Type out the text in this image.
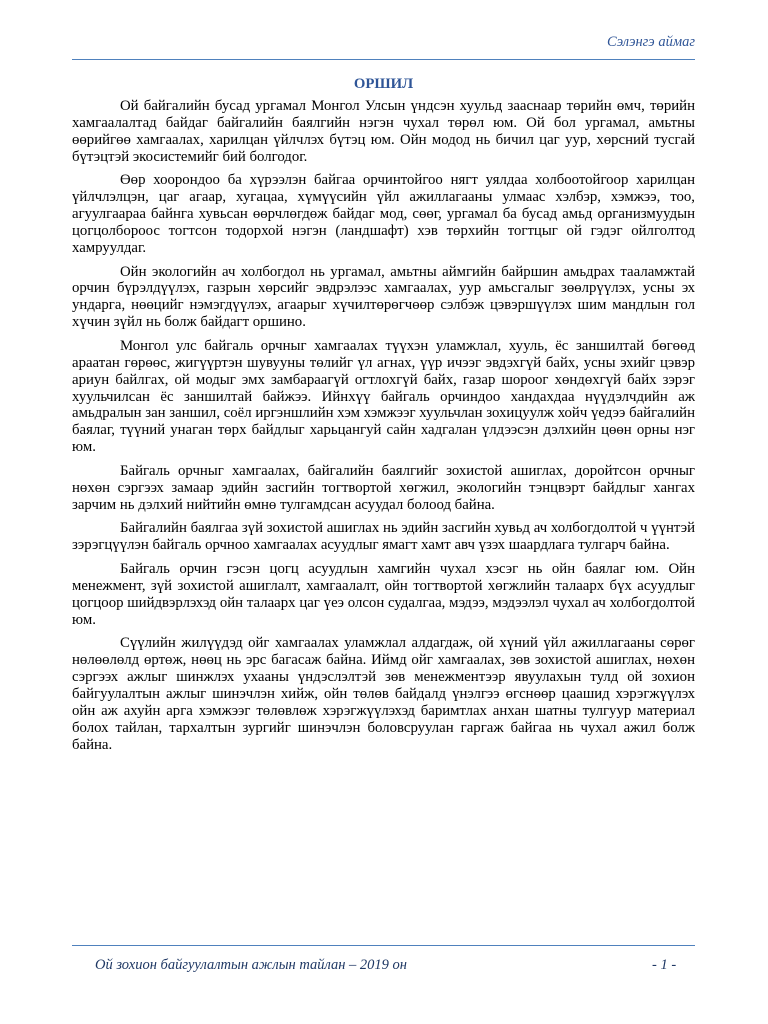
Сэлэнгэ аймаг
ОРШИЛ

Ой байгалийн бусад ургамал Монгол Улсын үндсэн хуульд зааснаар төрийн өмч, төрийн хамгаалалтад байдаг байгалийн баялгийн нэгэн чухал төрөл юм. Ой бол ургамал, амьтны өөрийгөө хамгаалах, харилцан үйлчлэх бүтэц юм. Ойн модод нь бичил цаг уур, хөрсний тусгай бүтэцтэй экосистемийг бий болгодог.

Өөр хоорондоо ба хүрээлэн байгаа орчинтойгоо нягт уялдаа холбоотойгоор харилцан үйлчлэлцэн, цаг агаар, хугацаа, хүмүүсийн үйл ажиллагааны улмаас хэлбэр, хэмжээ, тоо, агуулгаараа байнга хувьсан өөрчлөгдөж байдаг мод, сөөг, ургамал ба бусад амьд организмуудын цогцолбороос тогтсон тодорхой нэгэн (ландшафт) хэв төрхийн тогтцыг ой гэдэг ойлголтод хамруулдаг.

Ойн экологийн ач холбогдол нь ургамал, амьтны аймгийн байршин амьдрах тааламжтай орчин бүрэлдүүлэх, газрын хөрсийг эвдрэлээс хамгаалах, уур амьсгалыг зөөлрүүлэх, усны эх ундарга, нөөцийг нэмэгдүүлэх, агаарыг хүчилтөрөгчөөр сэлбэж цэвэршүүлэх шим мандлын гол хүчин зүйл нь болж байдагт оршино.

Монгол улс байгаль орчныг хамгаалах түүхэн уламжлал, хууль, ёс заншилтай бөгөөд араатан гөрөөс, жигүүртэн шувууны төлийг үл агнах, үүр ичээг эвдэхгүй байх, усны эхийг цэвэр ариун байлгах, ой модыг эмх замбараагүй огтлохгүй байх, газар шороог хөндөхгүй байх зэрэг хуульчилсан ёс заншилтай байжээ. Ийнхүү байгаль орчиндоо хандахдаа нүүдэлчдийн аж амьдралын зан заншил, соёл иргэншлийн хэм хэмжээг хуульчлан зохицуулж хойч үедээ байгалийн баялаг, түүний унаган төрх байдлыг харьцангуй сайн хадгалан үлдээсэн дэлхийн цөөн орны нэг юм.

Байгаль орчныг хамгаалах, байгалийн баялгийг зохистой ашиглах, доройтсон орчныг нөхөн сэргээх замаар эдийн засгийн тогтвортой хөгжил, экологийн тэнцвэрт байдлыг хангах зарчим нь дэлхий нийтийн өмнө тулгамдсан асуудал болоод байна.

Байгалийн баялгаа зүй зохистой ашиглах нь эдийн засгийн хувьд ач холбогдолтой ч үүнтэй зэрэгцүүлэн байгаль орчноо хамгаалах асуудлыг ямагт хамт авч үзэх шаардлага тулгарч байна.

Байгаль орчин гэсэн цогц асуудлын хамгийн чухал хэсэг нь ойн баялаг юм. Ойн менежмент, зүй зохистой ашиглалт, хамгаалалт, ойн тогтвортой хөгжлийн талаарх бүх асуудлыг цогцоор шийдвэрлэхэд ойн талаарх цаг үеэ олсон судалгаа, мэдээ, мэдээлэл чухал ач холбогдолтой юм.

Сүүлийн жилүүдэд ойг хамгаалах уламжлал алдагдаж, ой хүний үйл ажиллагааны сөрөг нөлөөлөлд өртөж, нөөц нь эрс багасаж байна. Иймд ойг хамгаалах, зөв зохистой ашиглах, нөхөн сэргээх ажлыг шинжлэх ухааны үндэслэлтэй зөв менежментээр явуулахын тулд ой зохион байгуулалтын ажлыг шинэчлэн хийж, ойн төлөв байдалд үнэлгээ өгснөөр цаашид хэрэгжүүлэх ойн аж ахуйн арга хэмжээг төлөвлөж хэрэгжүүлэхэд баримтлах анхан шатны тулгуур материал болох тайлан, тархалтын зургийг шинэчлэн боловсруулан гаргаж байгаа нь чухал ажил болж байна.

Ой зохион байгуулалтын ажлын тайлан – 2019 он	- 1 -
